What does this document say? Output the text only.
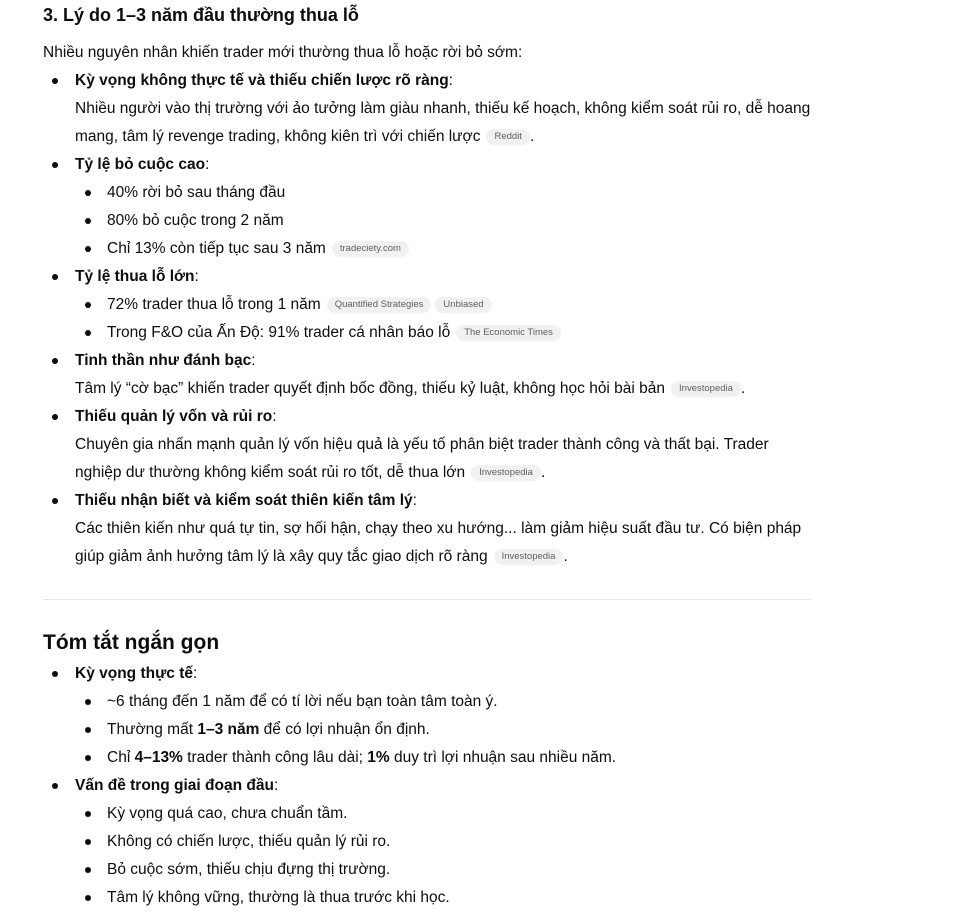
3. Lý do 1–3 năm đầu thường thua lỗ

Nhiều nguyên nhân khiến trader mới thường thua lỗ hoặc rời bỏ sớm:

Kỳ vọng không thực tế và thiếu chiến lược rõ ràng:
Nhiều người vào thị trường với ảo tưởng làm giàu nhanh, thiếu kế hoạch, không kiểm soát rủi ro, dễ hoang mang, tâm lý revenge trading, không kiên trì với chiến lược Reddit .
Tỷ lệ bỏ cuộc cao:
40% rời bỏ sau tháng đầu
80% bỏ cuộc trong 2 năm
Chỉ 13% còn tiếp tục sau 3 năm tradeciety.com
Tỷ lệ thua lỗ lớn:
72% trader thua lỗ trong 1 năm Quantified Strategies Unbiased
Trong F&O của Ấn Độ: 91% trader cá nhân báo lỗ The Economic Times
Tinh thần như đánh bạc:
Tâm lý “cờ bạc” khiến trader quyết định bốc đồng, thiếu kỷ luật, không học hỏi bài bản Investopedia .
Thiếu quản lý vốn và rủi ro:
Chuyên gia nhấn mạnh quản lý vốn hiệu quả là yếu tố phân biệt trader thành công và thất bại. Trader nghiệp dư thường không kiểm soát rủi ro tốt, dễ thua lớn Investopedia .
Thiếu nhận biết và kiểm soát thiên kiến tâm lý:
Các thiên kiến như quá tự tin, sợ hối hận, chạy theo xu hướng... làm giảm hiệu suất đầu tư. Có biện pháp giúp giảm ảnh hưởng tâm lý là xây quy tắc giao dịch rõ ràng Investopedia .
Tóm tắt ngắn gọn
Kỳ vọng thực tế:
~6 tháng đến 1 năm để có tí lời nếu bạn toàn tâm toàn ý.
Thường mất 1–3 năm để có lợi nhuận ổn định.
Chỉ 4–13% trader thành công lâu dài; 1% duy trì lợi nhuận sau nhiều năm.
Vấn đề trong giai đoạn đầu:
Kỳ vọng quá cao, chưa chuẩn tầm.
Không có chiến lược, thiếu quản lý rủi ro.
Bỏ cuộc sớm, thiếu chịu đựng thị trường.
Tâm lý không vững, thường là thua trước khi học.
